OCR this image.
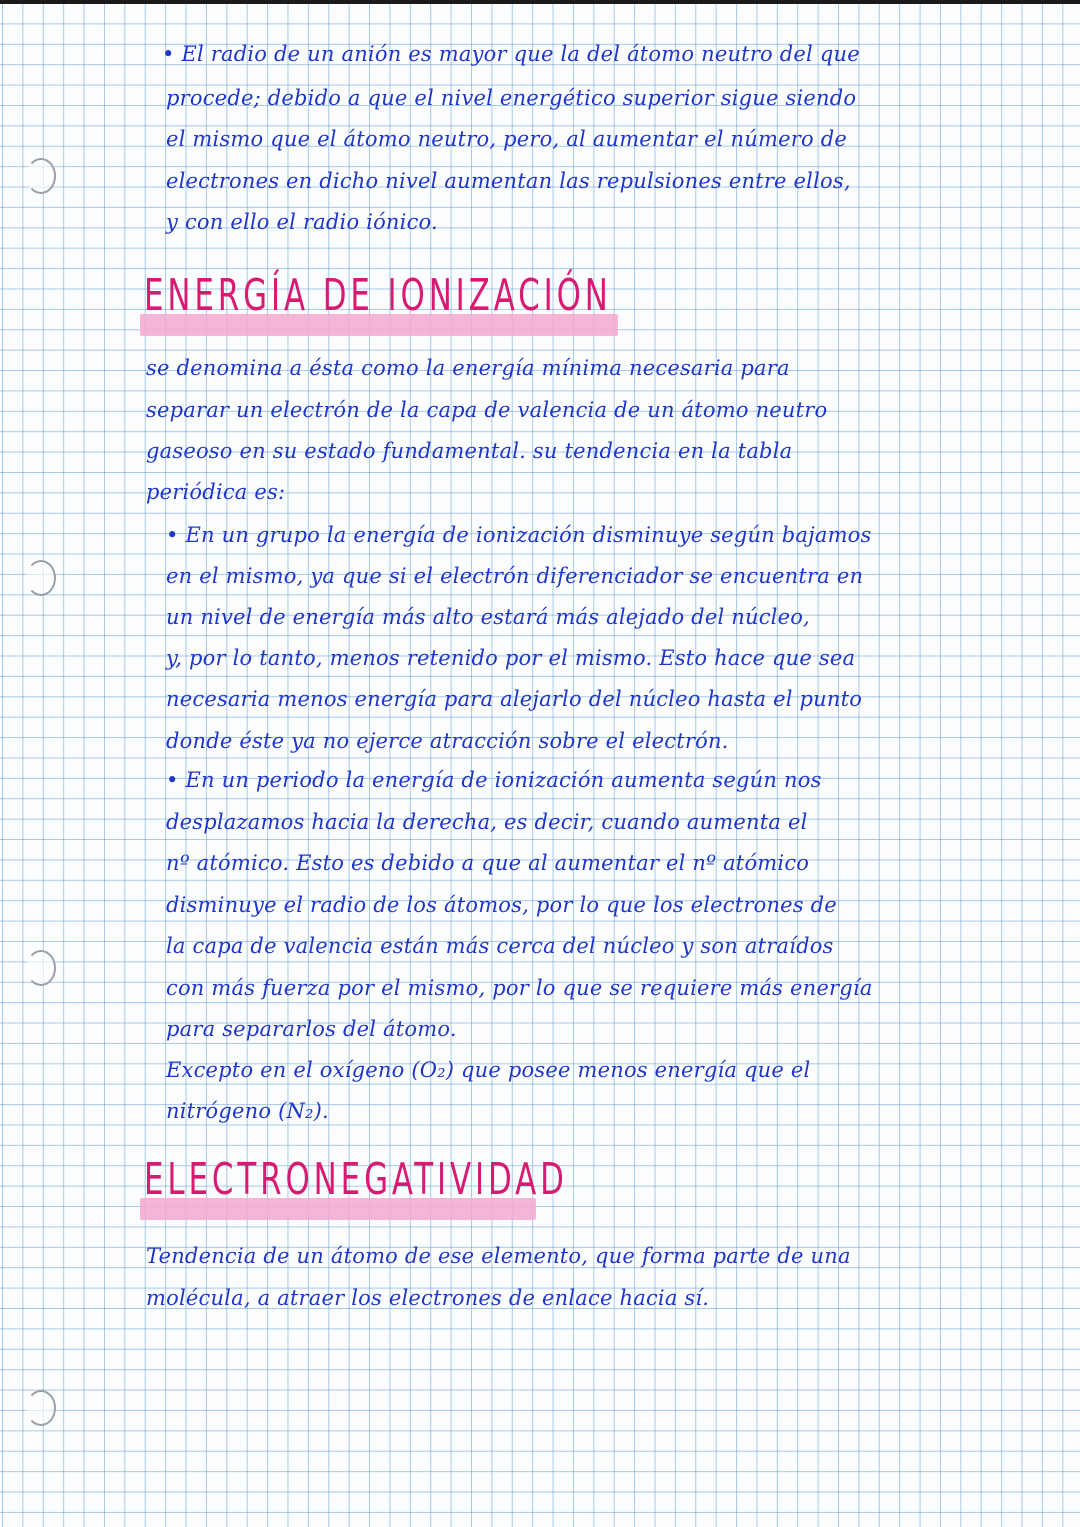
• El radio de un anión es mayor que la del átomo neutro del que
procede; debido a que el nivel energético superior sigue siendo
el mismo que el átomo neutro, pero, al aumentar el número de
electrones en dicho nivel aumentan las repulsiones entre ellos,
y con ello el radio iónico.
ENERGÍA DE IONIZACIÓN
se denomina a ésta como la energía mínima necesaria para
separar un electrón de la capa de valencia de un átomo neutro
gaseoso en su estado fundamental. su tendencia en la tabla
periódica es:
• En un grupo la energía de ionización disminuye según bajamos
en el mismo, ya que si el electrón diferenciador se encuentra en
un nivel de energía más alto estará más alejado del núcleo,
y, por lo tanto, menos retenido por el mismo. Esto hace que sea
necesaria menos energía para alejarlo del núcleo hasta el punto
donde éste ya no ejerce atracción sobre el electrón.
• En un periodo la energía de ionización aumenta según nos
desplazamos hacia la derecha, es decir, cuando aumenta el
nº atómico. Esto es debido a que al aumentar el nº atómico
disminuye el radio de los átomos, por lo que los electrones de
la capa de valencia están más cerca del núcleo y son atraídos
con más fuerza por el mismo, por lo que se requiere más energía
para separarlos del átomo.
Excepto en el oxígeno (O₂) que posee menos energía que el
nitrógeno (N₂).
ELECTRONEGATIVIDAD
Tendencia de un átomo de ese elemento, que forma parte de una
molécula, a atraer los electrones de enlace hacia sí.
